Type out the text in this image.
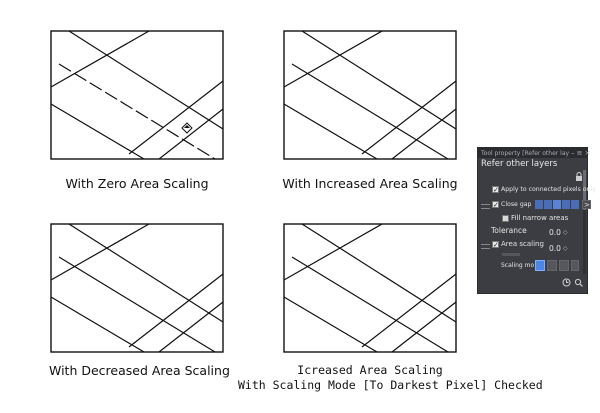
With Zero Area Scaling	With Increased Area Scaling
With Decreased Area Scaling	Icreased Area Scaling
With Scaling Mode [To Darkest Pixel] Checked
Tool property [Refer other lay – ≡ ×
Refer other layers
✓ Apply to connected pixels only
✓ Close gap	>
Fill narrow areas
Tolerance	0.0 ◇
✓ Area scaling 0.0 ◇
Scaling mo
